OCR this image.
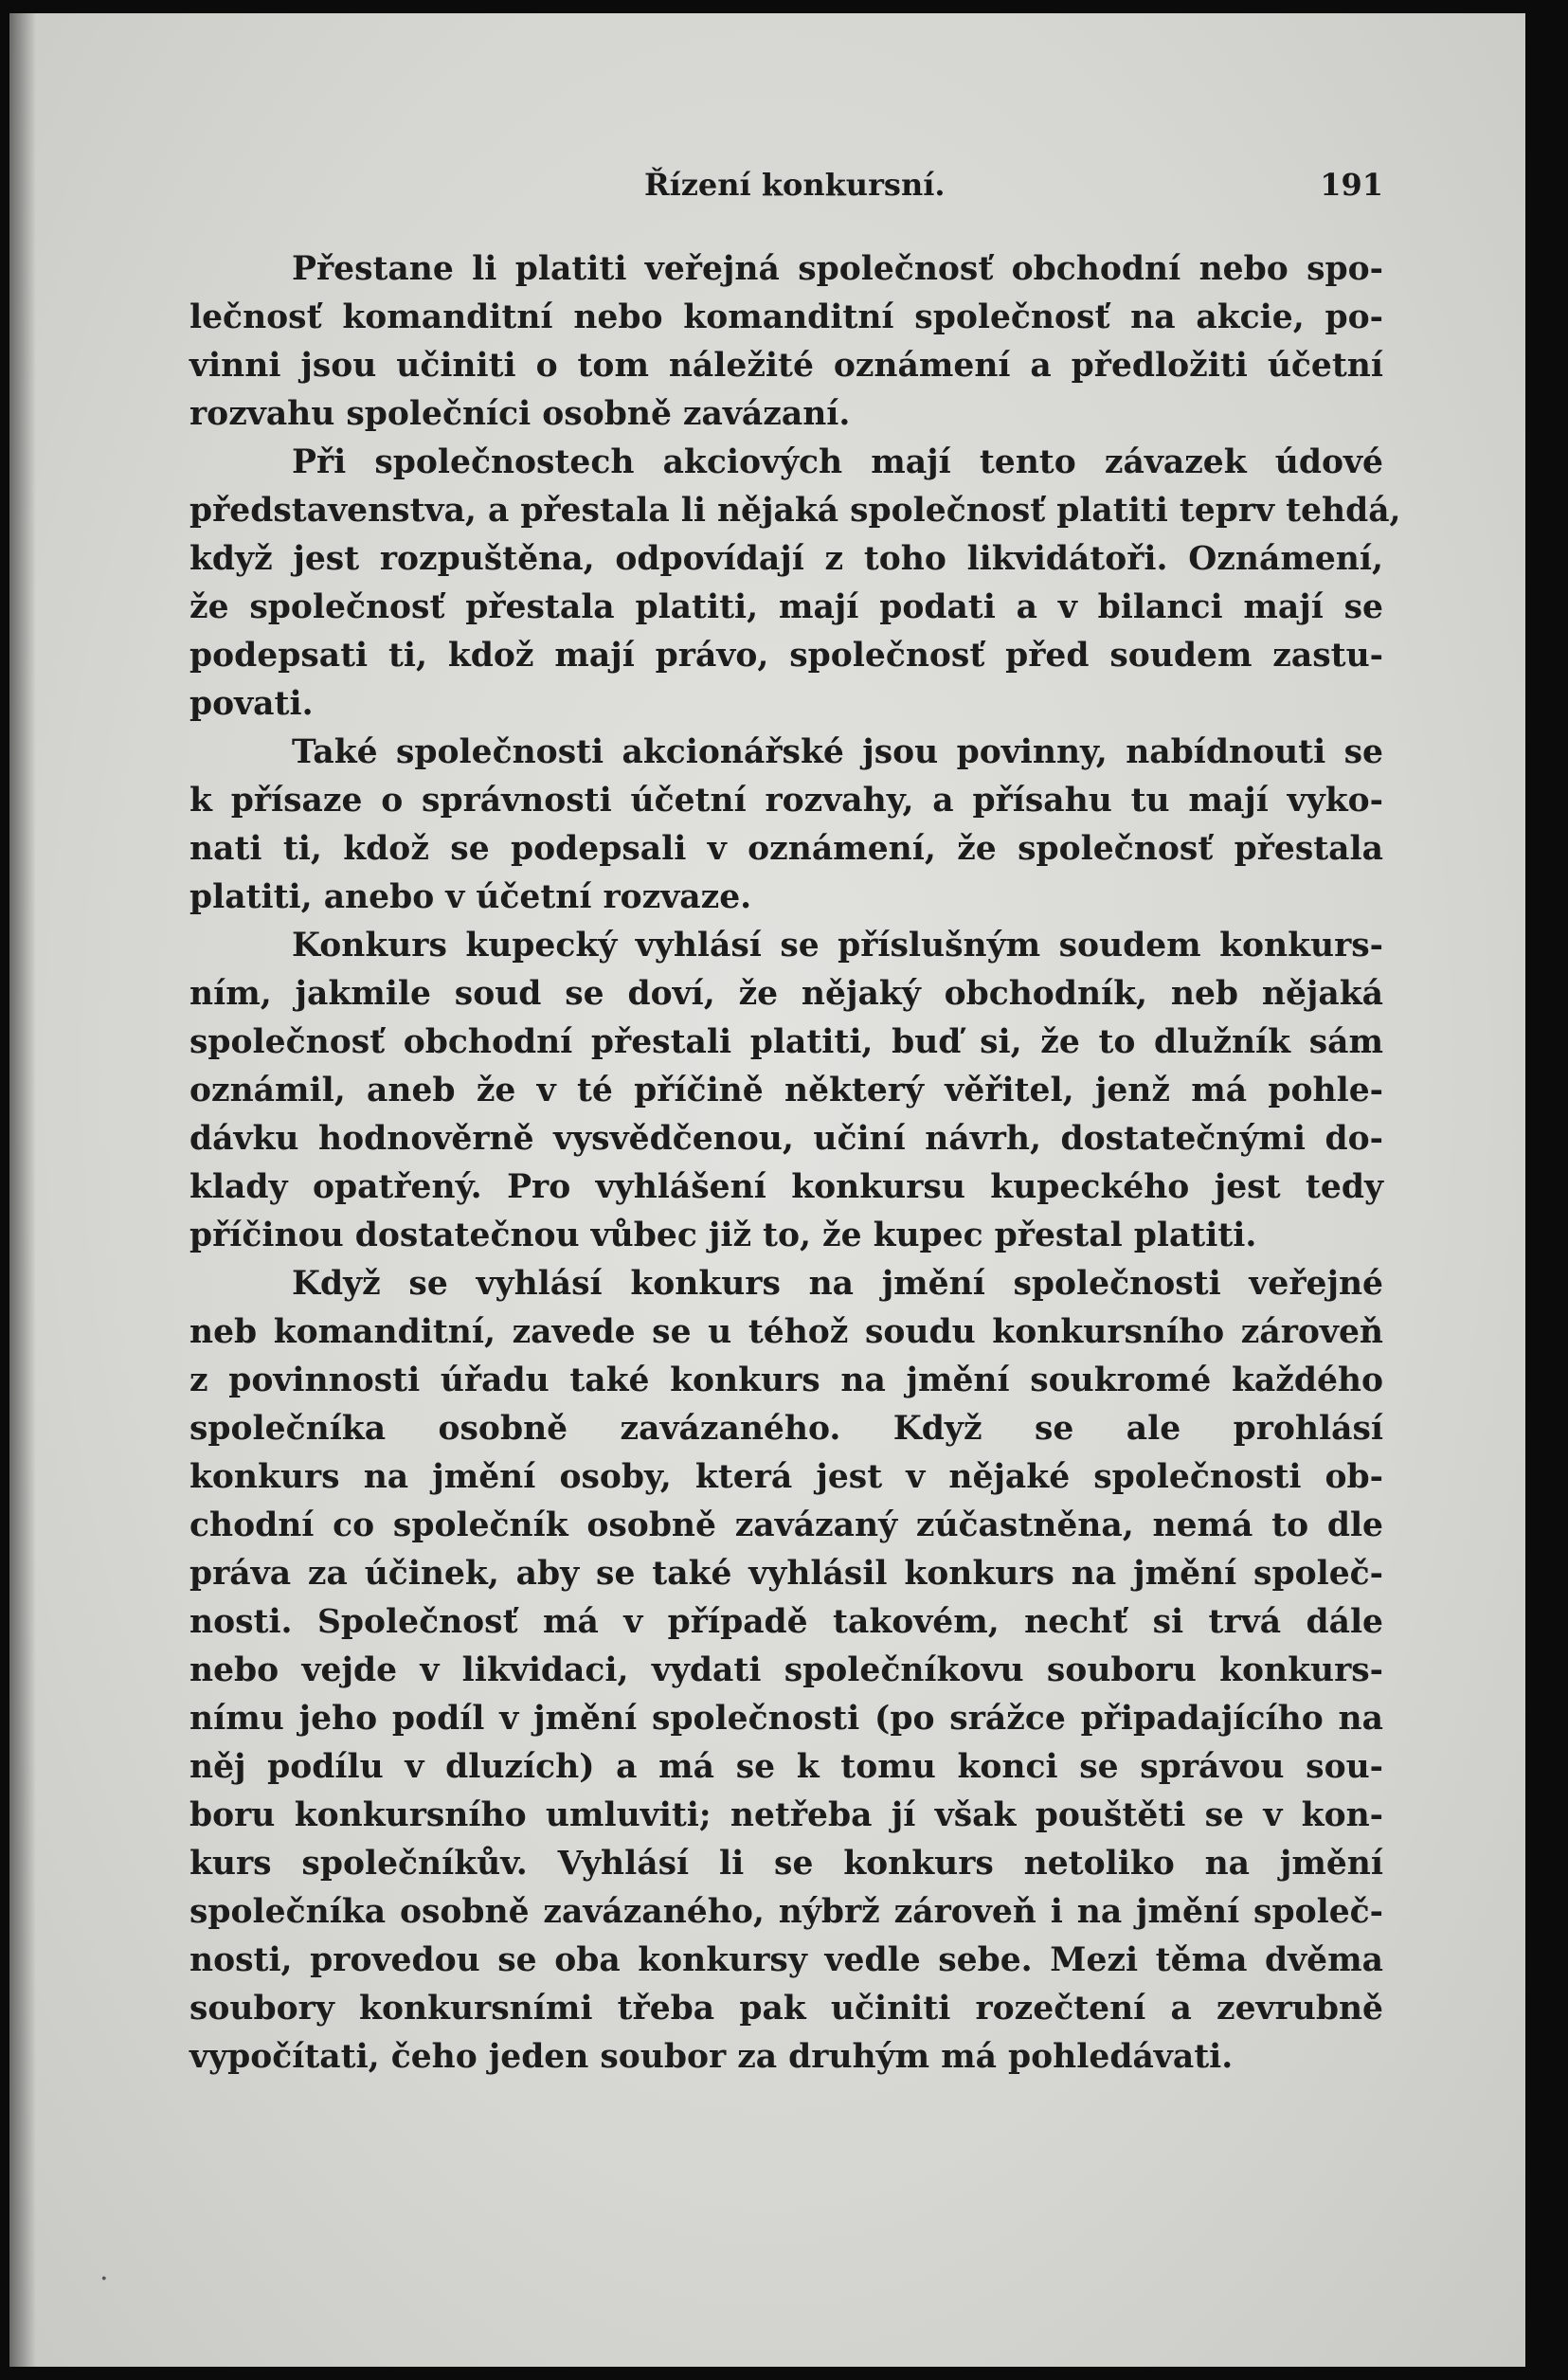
Řízení konkursní.	191
Přestane li platiti veřejná společnosť obchodní nebo spo-
lečnosť komanditní nebo komanditní společnosť na akcie, po-
vinni jsou učiniti o tom náležité oznámení a předložiti účetní
rozvahu společníci osobně zavázaní.
Při společnostech akciových mají tento závazek údové
představenstva, a přestala li nějaká společnosť platiti teprv tehdá,
když jest rozpuštěna, odpovídají z toho likvidátoři. Oznámení,
že společnosť přestala platiti, mají podati a v bilanci mají se
podepsati ti, kdož mají právo, společnosť před soudem zastu-
povati.
Také společnosti akcionářské jsou povinny, nabídnouti se
k přísaze o správnosti účetní rozvahy, a přísahu tu mají vyko-
nati ti, kdož se podepsali v oznámení, že společnosť přestala
platiti, anebo v účetní rozvaze.
Konkurs kupecký vyhlásí se příslušným soudem konkurs-
ním, jakmile soud se doví, že nějaký obchodník, neb nějaká
společnosť obchodní přestali platiti, buď si, že to dlužník sám
oznámil, aneb že v té příčině některý věřitel, jenž má pohle-
dávku hodnověrně vysvědčenou, učiní návrh, dostatečnými do-
klady opatřený. Pro vyhlášení konkursu kupeckého jest tedy
příčinou dostatečnou vůbec již to, že kupec přestal platiti.
Když se vyhlásí konkurs na jmění společnosti veřejné
neb komanditní, zavede se u téhož soudu konkursního zároveň
z povinnosti úřadu také konkurs na jmění soukromé každého
společníka osobně zavázaného. Když se ale prohlásí
konkurs na jmění osoby, která jest v nějaké společnosti ob-
chodní co společník osobně zavázaný zúčastněna, nemá to dle
práva za účinek, aby se také vyhlásil konkurs na jmění společ-
nosti. Společnosť má v případě takovém, nechť si trvá dále
nebo vejde v likvidaci, vydati společníkovu souboru konkurs-
nímu jeho podíl v jmění společnosti (po srážce připadajícího na
něj podílu v dluzích) a má se k tomu konci se správou sou-
boru konkursního umluviti; netřeba jí však pouštěti se v kon-
kurs společníkův. Vyhlásí li se konkurs netoliko na jmění
společníka osobně zavázaného, nýbrž zároveň i na jmění společ-
nosti, provedou se oba konkursy vedle sebe. Mezi těma dvěma
soubory konkursními třeba pak učiniti rozečtení a zevrubně
vypočítati, čeho jeden soubor za druhým má pohledávati.
.
